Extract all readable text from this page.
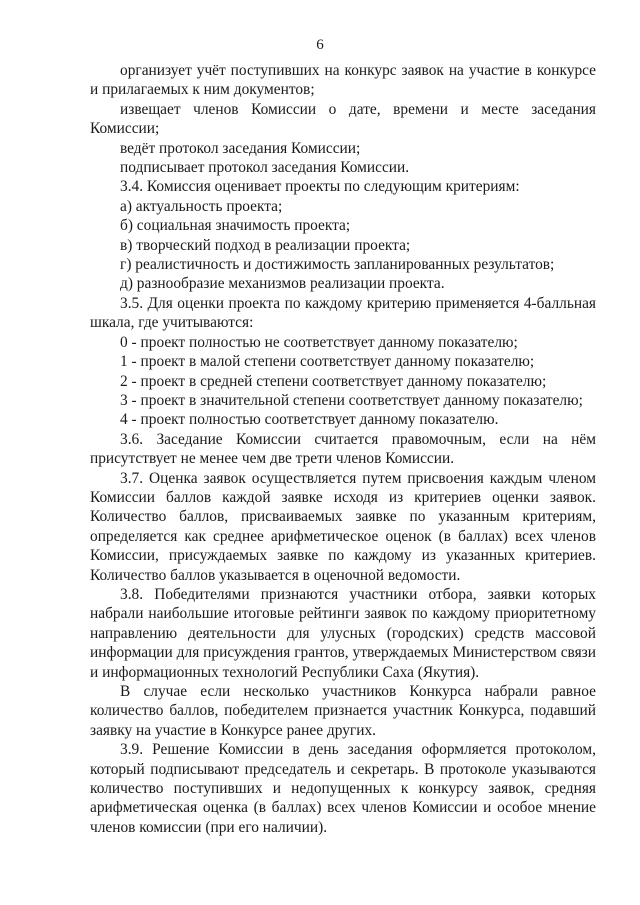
6

организует учёт поступивших на конкурс заявок на участие в конкурсе и прилагаемых к ним документов;

извещает членов Комиссии о дате, времени и месте заседания Комиссии;

ведёт протокол заседания Комиссии;

подписывает протокол заседания Комиссии.

3.4. Комиссия оценивает проекты по следующим критериям:

а) актуальность проекта;

б) социальная значимость проекта;

в) творческий подход в реализации проекта;

г) реалистичность и достижимость запланированных результатов;

д) разнообразие механизмов реализации проекта.

3.5. Для оценки проекта по каждому критерию применяется 4-балльная шкала, где учитываются:

0 - проект полностью не соответствует данному показателю;

1 - проект в малой степени соответствует данному показателю;

2 - проект в средней степени соответствует данному показателю;

3 - проект в значительной степени соответствует данному показателю;

4 - проект полностью соответствует данному показателю.

3.6. Заседание Комиссии считается правомочным, если на нём присутствует не менее чем две трети членов Комиссии.

3.7. Оценка заявок осуществляется путем присвоения каждым членом Комиссии баллов каждой заявке исходя из критериев оценки заявок. Количество баллов, присваиваемых заявке по указанным критериям, определяется как среднее арифметическое оценок (в баллах) всех членов Комиссии, присуждаемых заявке по каждому из указанных критериев. Количество баллов указывается в оценочной ведомости.

3.8. Победителями признаются участники отбора, заявки которых набрали наибольшие итоговые рейтинги заявок по каждому приоритетному направлению деятельности для улусных (городских) средств массовой информации для присуждения грантов, утверждаемых Министерством связи и информационных технологий Республики Саха (Якутия).

В случае если несколько участников Конкурса набрали равное количество баллов, победителем признается участник Конкурса, подавший заявку на участие в Конкурсе ранее других.

3.9. Решение Комиссии в день заседания оформляется протоколом, который подписывают председатель и секретарь. В протоколе указываются количество поступивших и недопущенных к конкурсу заявок, средняя арифметическая оценка (в баллах) всех членов Комиссии и особое мнение членов комиссии (при его наличии).
